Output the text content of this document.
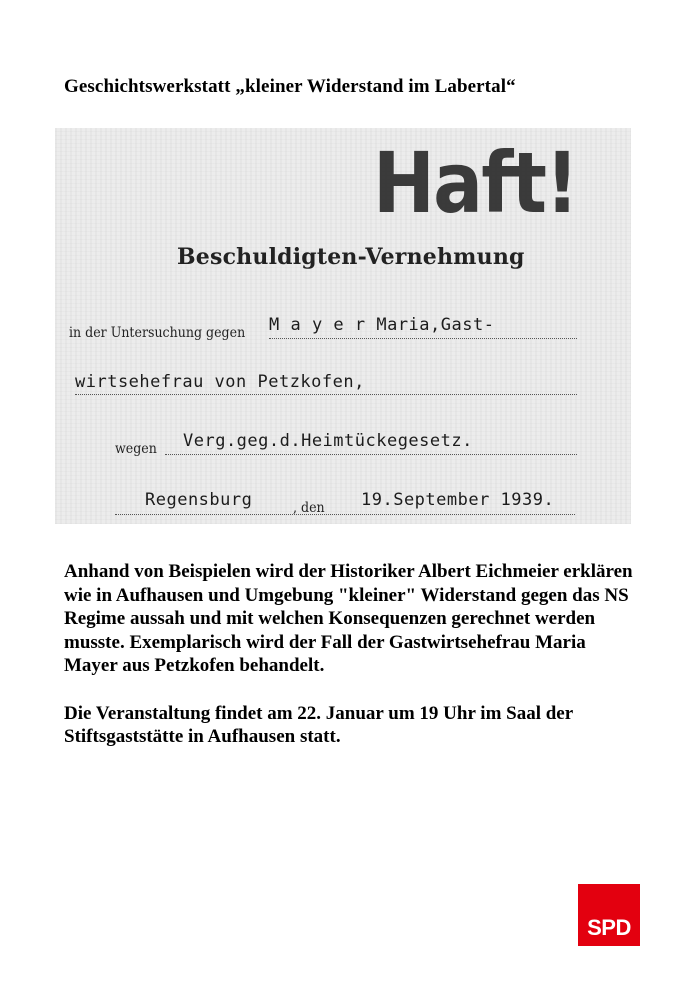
Geschichtswerkstatt „kleiner Widerstand im Labertal“
Haft!
Beschuldigten-Vernehmung
in der Untersuchung gegen M a y e r Maria,Gast-
wirtsehefrau von Petzkofen,
wegen Verg.geg.d.Heimtückegesetz.
Regensburg	, den 19.September 1939.

Anhand von Beispielen wird der Historiker Albert Eichmeier erklären wie in Aufhausen und Umgebung "kleiner" Widerstand gegen das NS Regime aussah und mit welchen Konsequenzen gerechnet werden musste. Exemplarisch wird der Fall der Gastwirtsehefrau Maria Mayer aus Petzkofen behandelt.

Die Veranstaltung findet am 22. Januar um 19 Uhr im Saal der Stiftsgaststätte in Aufhausen statt.

SPD
